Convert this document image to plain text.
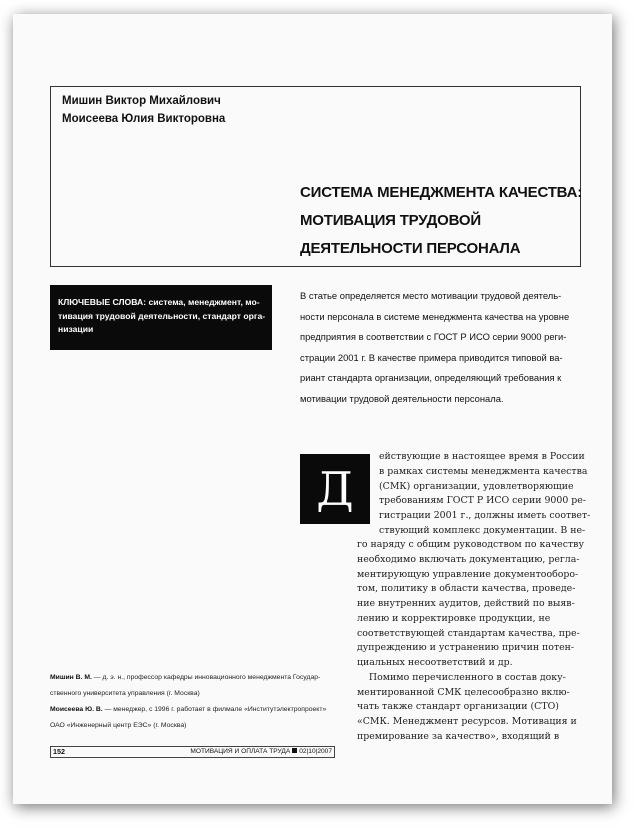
Мишин Виктор Михайлович
Моисеева Юлия Викторовна
СИСТЕМА МЕНЕДЖМЕНТА КАЧЕСТВА:
МОТИВАЦИЯ ТРУДОВОЙ
ДЕЯТЕЛЬНОСТИ ПЕРСОНАЛА
КЛЮЧЕВЫЕ СЛОВА: система, менеджмент, мо-
тивация трудовой деятельности, стандарт орга-
низации
В статье определяется место мотивации трудовой деятель-
ности персонала в системе менеджмента качества на уровне
предприятия в соответствии с ГОСТ Р ИСО серии 9000 реги-
страции 2001 г. В качестве примера приводится типовой ва-
риант стандарта организации, определяющий требования к
мотивации трудовой деятельности персонала.
Д
ействующие в настоящее время в России
в рамках системы менеджмента качества
(СМК) организации, удовлетворяющие
требованиям ГОСТ Р ИСО серии 9000 ре-
гистрации 2001 г., должны иметь соответ-
ствующий комплекс документации. В не-
го наряду с общим руководством по качеству
необходимо включать документацию, регла-
ментирующую управление документооборо-
том, политику в области качества, проведе-
ние внутренних аудитов, действий по выяв-
лению и корректировке продукции, не
соответствующей стандартам качества, пре-
дупреждению и устранению причин потен-
циальных несоответствий и др.
Помимо перечисленного в состав доку-
ментированной СМК целесообразно вклю-
чать также стандарт организации (СТО)
«СМК. Менеджмент ресурсов. Мотивация и
премирование за качество», входящий в
Мишин В. М. — д. э. н., профессор кафедры инновационного менеджмента Государ-
ственного университета управления (г. Москва)
Моисеева Ю. В. — менеджер, с 1996 г. работает в филмале «Институтэлектропроект»
ОАО «Инженерный центр ЕЭС» (г. Москва)
152	МОТИВАЦИЯ И ОПЛАТА ТРУДА 02|10|2007
